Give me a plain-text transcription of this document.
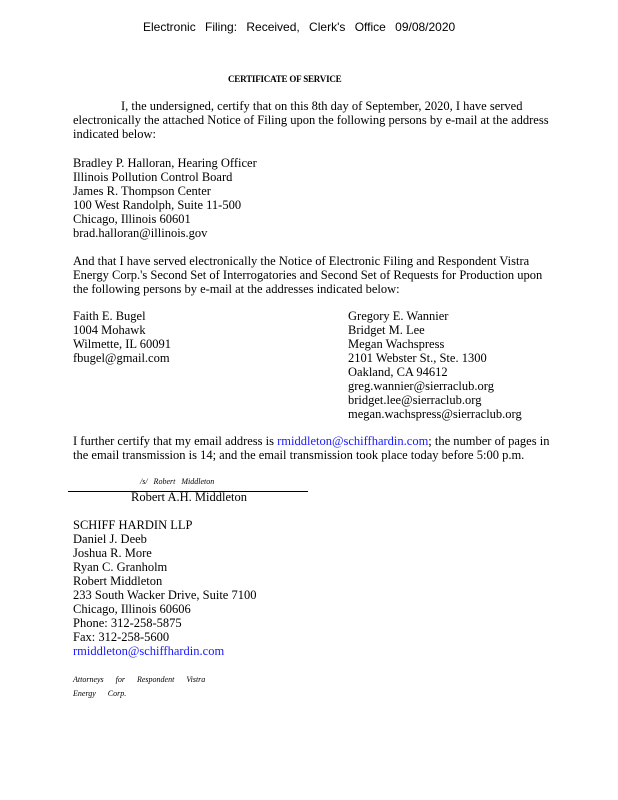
Electronic Filing: Received, Clerk's Office 09/08/2020
CERTIFICATE OF SERVICE
I, the undersigned, certify that on this 8th day of September, 2020, I have served
electronically the attached Notice of Filing upon the following persons by e-mail at the address
indicated below:
Bradley P. Halloran, Hearing Officer
Illinois Pollution Control Board
James R. Thompson Center
100 West Randolph, Suite 11-500
Chicago, Illinois 60601
brad.halloran@illinois.gov
And that I have served electronically the Notice of Electronic Filing and Respondent Vistra
Energy Corp.'s Second Set of Interrogatories and Second Set of Requests for Production upon
the following persons by e-mail at the addresses indicated below:
Faith E. Bugel
1004 Mohawk
Wilmette, IL 60091
fbugel@gmail.com
Gregory E. Wannier
Bridget M. Lee
Megan Wachspress
2101 Webster St., Ste. 1300
Oakland, CA 94612
greg.wannier@sierraclub.org
bridget.lee@sierraclub.org
megan.wachspress@sierraclub.org
I further certify that my email address is rmiddleton@schiffhardin.com; the number of pages in
the email transmission is 14; and the email transmission took place today before 5:00 p.m.
/s/ Robert Middleton
Robert A.H. Middleton
SCHIFF HARDIN LLP
Daniel J. Deeb
Joshua R. More
Ryan C. Granholm
Robert Middleton
233 South Wacker Drive, Suite 7100
Chicago, Illinois 60606
Phone: 312-258-5875
Fax: 312-258-5600
rmiddleton@schiffhardin.com
Attorneys for Respondent Vistra
Energy Corp.
